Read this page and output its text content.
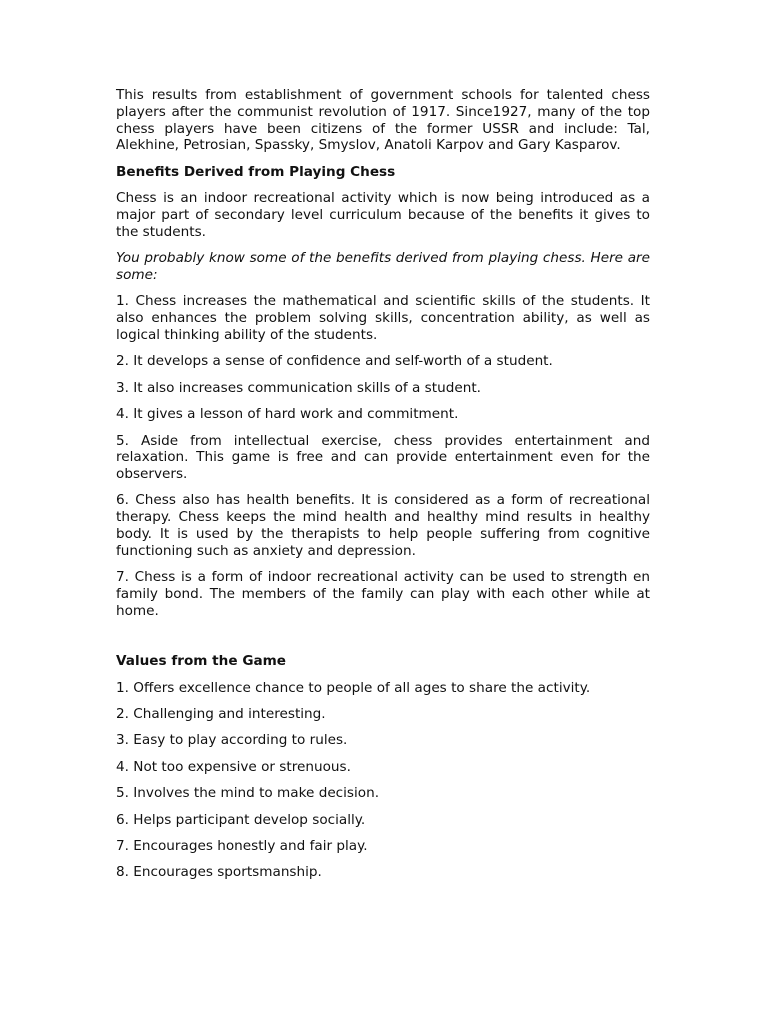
This results from establishment of government schools for talented chess players after the communist revolution of 1917. Since1927, many of the top chess players have been citizens of the former USSR and include: Tal, Alekhine, Petrosian, Spassky, Smyslov, Anatoli Karpov and Gary Kasparov.

Benefits Derived from Playing Chess

Chess is an indoor recreational activity which is now being introduced as a major part of secondary level curriculum because of the benefits it gives to the students.

You probably know some of the benefits derived from playing chess. Here are some:

1. Chess increases the mathematical and scientific skills of the students. It also enhances the problem solving skills, concentration ability, as well as logical thinking ability of the students.

2. It develops a sense of confidence and self-worth of a student.

3. It also increases communication skills of a student.

4. It gives a lesson of hard work and commitment.

5. Aside from intellectual exercise, chess provides entertainment and relaxation. This game is free and can provide entertainment even for the observers.

6. Chess also has health benefits. It is considered as a form of recreational therapy. Chess keeps the mind health and healthy mind results in healthy body. It is used by the therapists to help people suffering from cognitive functioning such as anxiety and depression.

7. Chess is a form of indoor recreational activity can be used to strength en family bond. The members of the family can play with each other while at home.

Values from the Game

1. Offers excellence chance to people of all ages to share the activity.

2. Challenging and interesting.

3. Easy to play according to rules.

4. Not too expensive or strenuous.

5. Involves the mind to make decision.

6. Helps participant develop socially.

7. Encourages honestly and fair play.

8. Encourages sportsmanship.
